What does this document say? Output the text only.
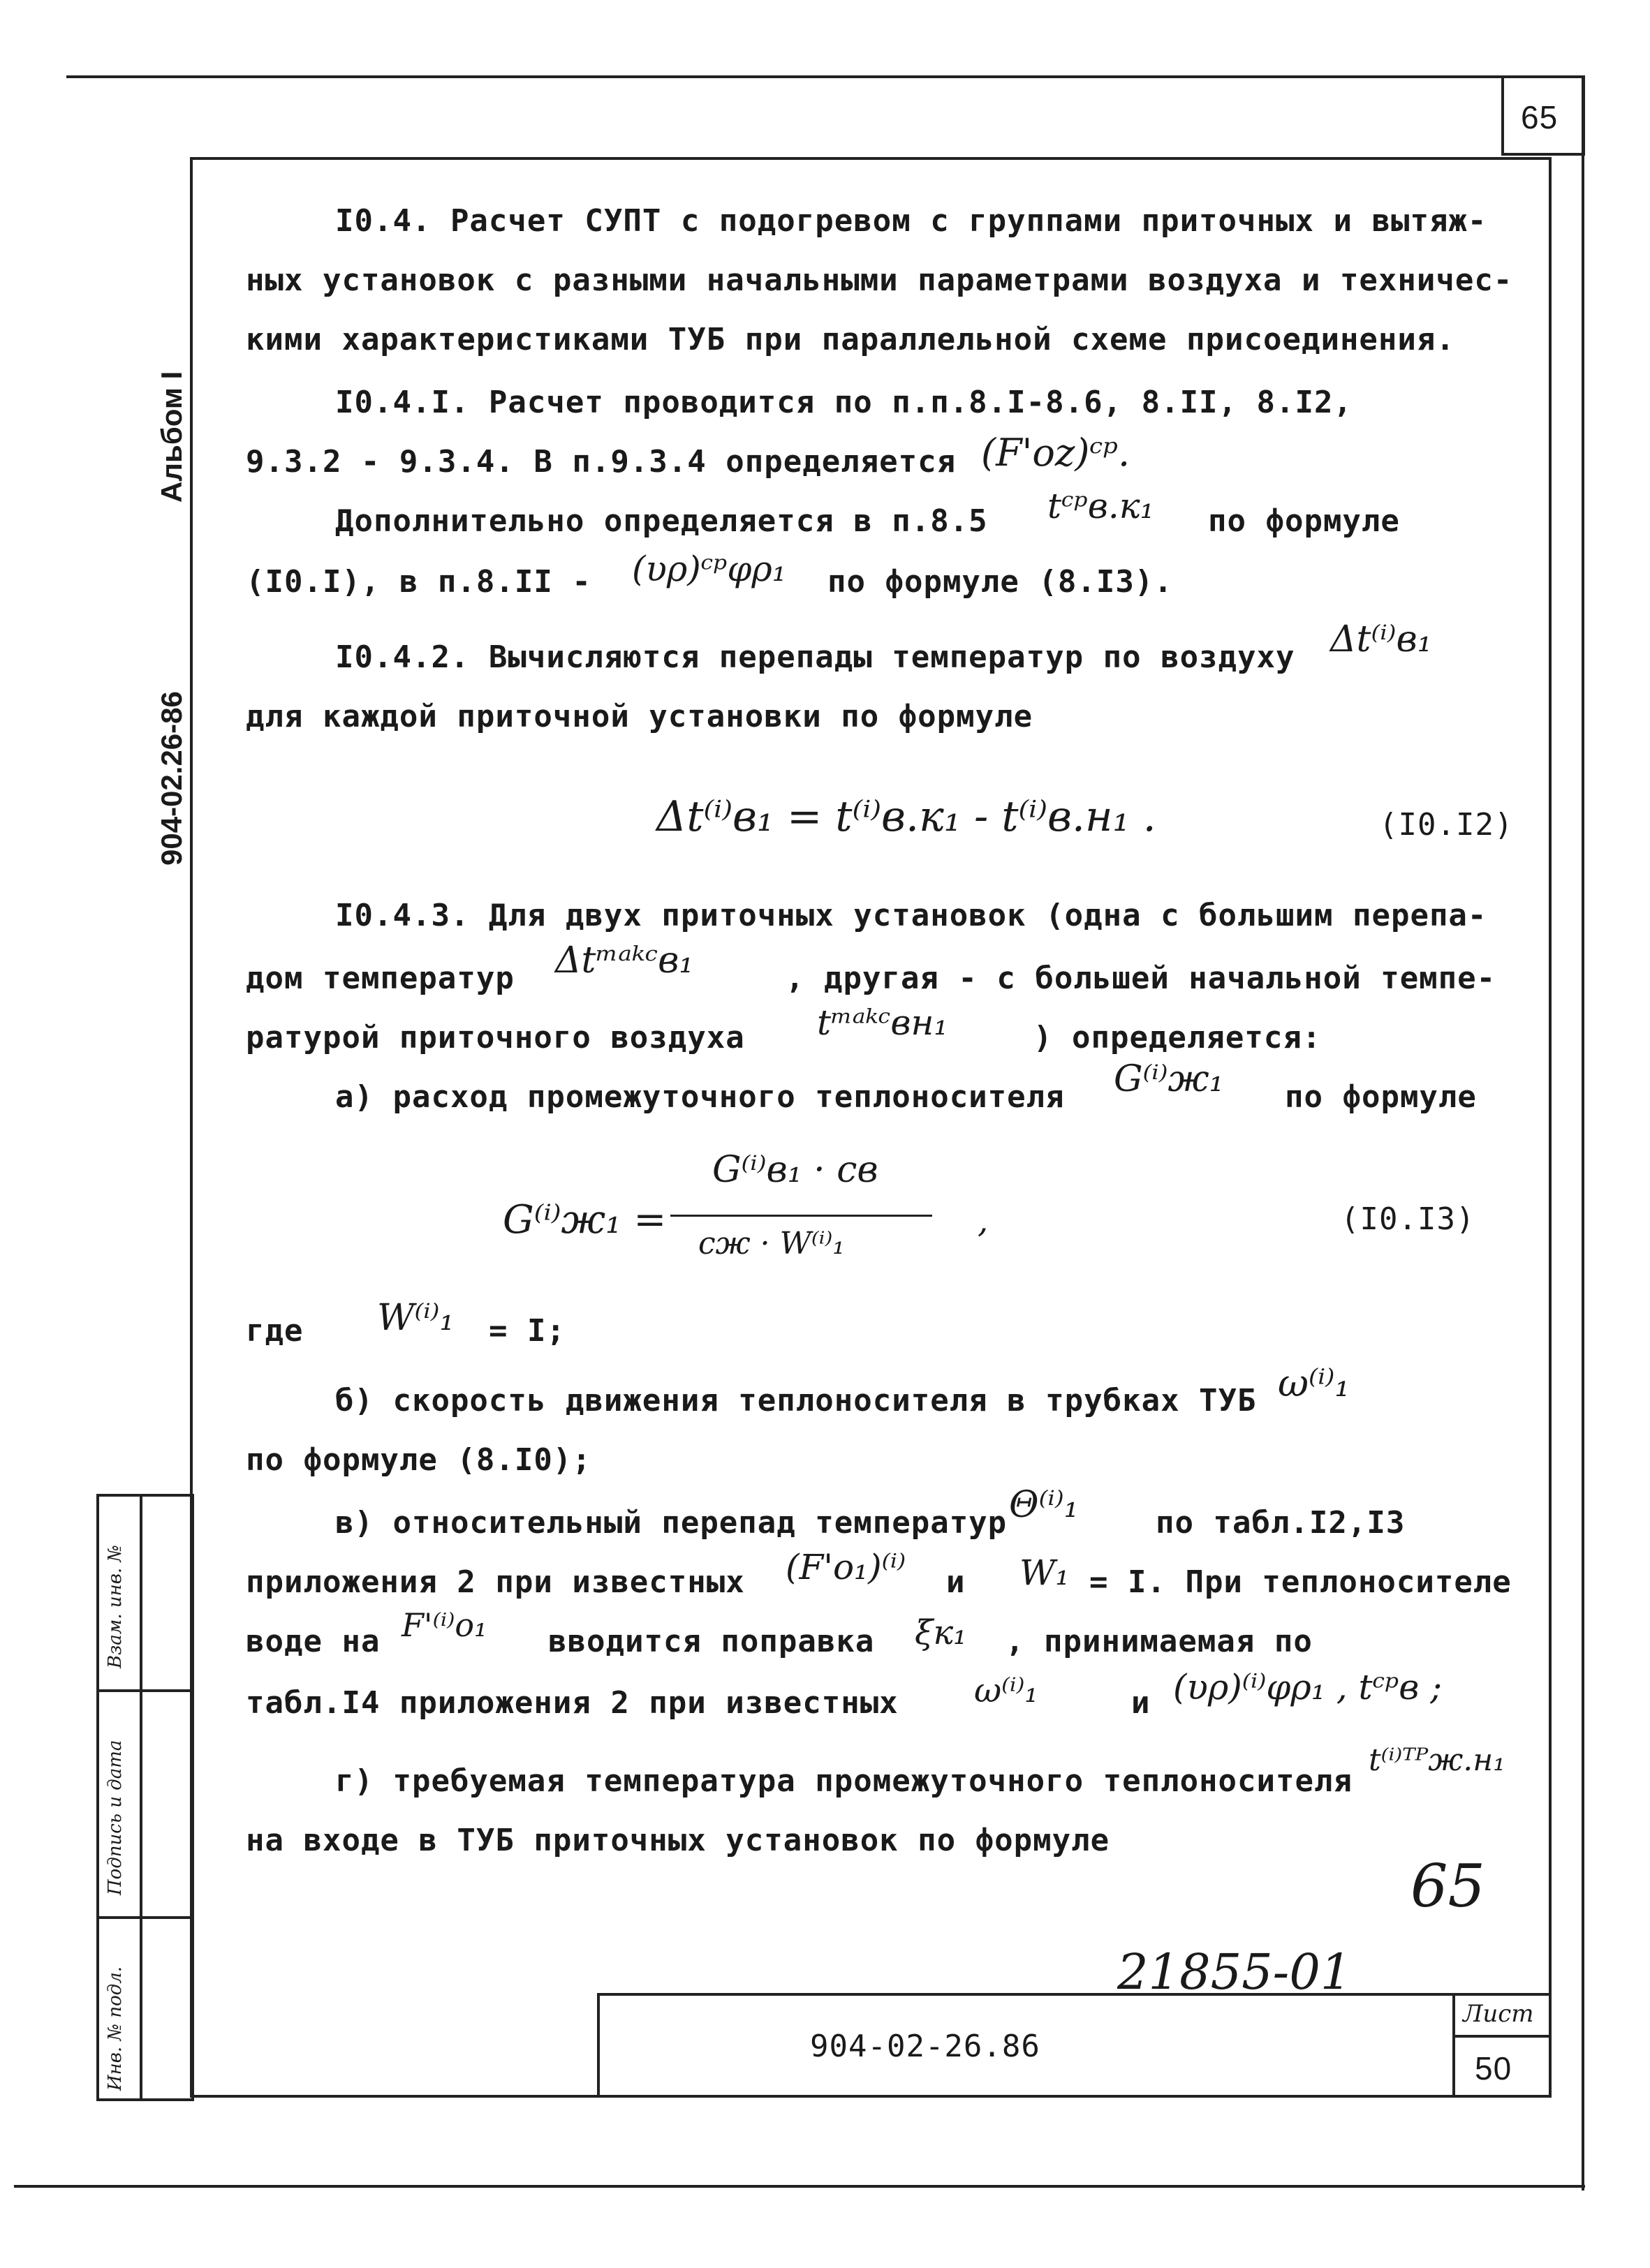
65
Альбом I
904-02.26-86
Взам. инв. №
Подпись и дата
Инв. № подл.
I0.4. Расчет СУПТ с подогревом с группами приточных и вытяж-
ных установок с разными начальными параметрами воздуха и техничес-
кими характеристиками ТУБ при параллельной схеме присоединения.
I0.4.I. Расчет проводится по п.п.8.I-8.6, 8.II, 8.I2,
9.3.2 - 9.3.4. В п.9.3.4 определяется (F'oz)ᶜᵖ.
Дополнительно определяется в п.8.5 tᶜᵖв.к₁ по формуле
(I0.I), в п.8.II - (υρ)ᶜᵖφρ₁ по формуле (8.I3).
I0.4.2. Вычисляются перепады температур по воздуху Δt⁽ⁱ⁾в₁
для каждой приточной установки по формуле
Δt⁽ⁱ⁾в₁ = t⁽ⁱ⁾в.к₁ - t⁽ⁱ⁾в.н₁ .	(I0.I2)
I0.4.3. Для двух приточных установок (одна с большим перепа-
дом температур Δtᵐᵃᵏᶜв₁	, другая - с большей начальной темпе-
ратурой приточного воздуха tᵐᵃᵏᶜвн₁	) определяется:
а) расход промежуточного теплоносителя G⁽ⁱ⁾ж₁ по формуле
G⁽ⁱ⁾ж₁ =
G⁽ⁱ⁾в₁ · cв
cж · W⁽ⁱ⁾₁
,	(I0.I3)
где W⁽ⁱ⁾₁ = I;
б) скорость движения теплоносителя в трубках ТУБ ω⁽ⁱ⁾₁
по формуле (8.I0);
в) относительный перепад температур Θ⁽ⁱ⁾₁	по табл.I2,I3
приложения 2 при известных (F'o₁)⁽ⁱ⁾ и W₁ = I. При теплоносителе
воде на F'⁽ⁱ⁾o₁ вводится поправка ξк₁ , принимаемая по
табл.I4 приложения 2 при известных ω⁽ⁱ⁾₁	и (υρ)⁽ⁱ⁾φρ₁ , tᶜᵖв ;
г) требуемая температура промежуточного теплоносителя
t⁽ⁱ⁾ᵀᴾж.н₁
на входе в ТУБ приточных установок по формуле
65
21855-01
904-02-26.86
Лист
50
